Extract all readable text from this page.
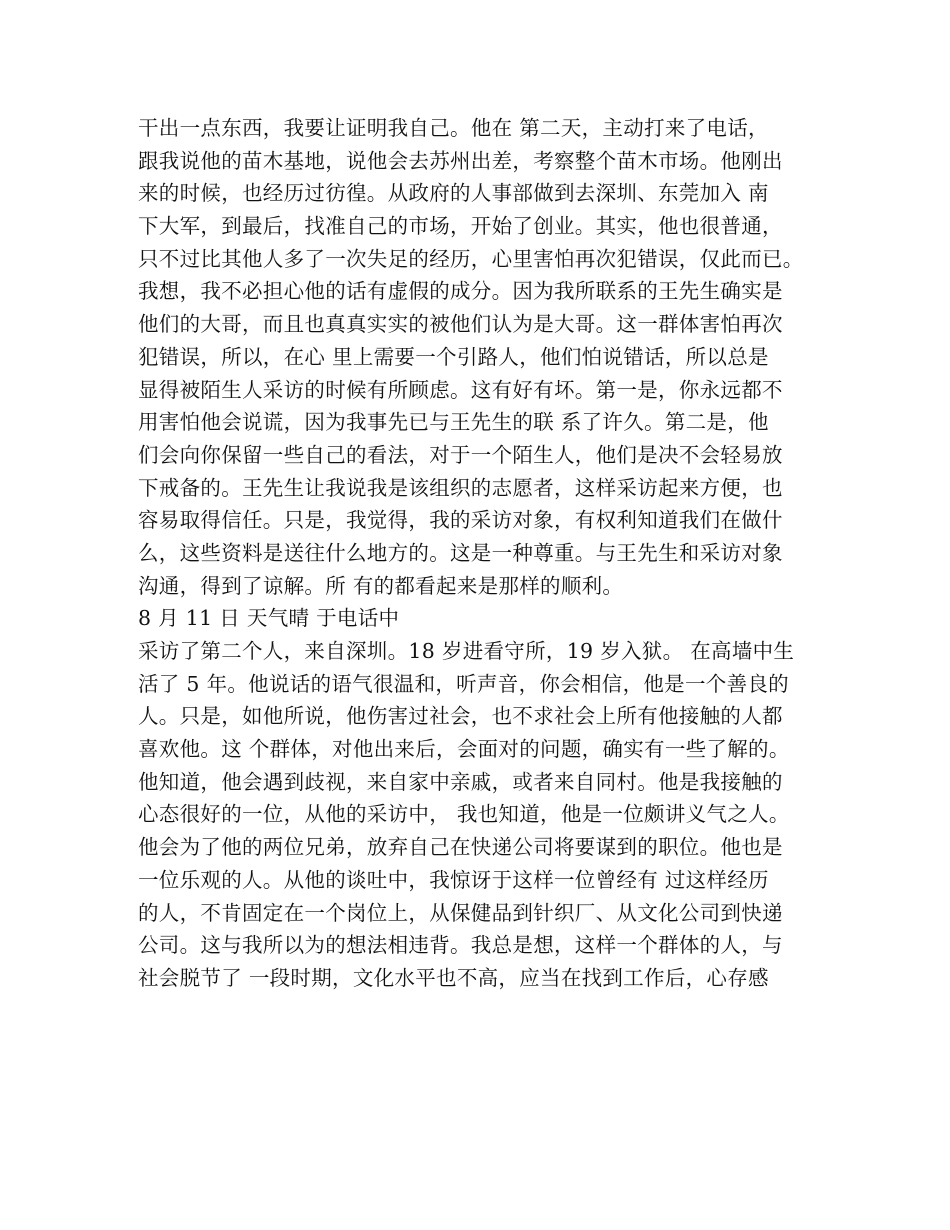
干出一点东西，我要让证明我自己。他在 第二天，主动打来了电话，
跟我说他的苗木基地，说他会去苏州出差，考察整个苗木市场。他刚出
来的时候，也经历过彷徨。从政府的人事部做到去深圳、东莞加入 南
下大军，到最后，找准自己的市场，开始了创业。其实，他也很普通，
只不过比其他人多了一次失足的经历，心里害怕再次犯错误，仅此而已。
我想，我不必担心他的话有虚假的成分。因为我所联系的王先生确实是
他们的大哥，而且也真真实实的被他们认为是大哥。这一群体害怕再次
犯错误，所以，在心 里上需要一个引路人，他们怕说错话，所以总是
显得被陌生人采访的时候有所顾虑。这有好有坏。第一是，你永远都不
用害怕他会说谎，因为我事先已与王先生的联 系了许久。第二是，他
们会向你保留一些自己的看法，对于一个陌生人，他们是决不会轻易放
下戒备的。王先生让我说我是该组织的志愿者，这样采访起来方便，也
容易取得信任。只是，我觉得，我的采访对象，有权利知道我们在做什
么，这些资料是送往什么地方的。这是一种尊重。与王先生和采访对象
沟通，得到了谅解。所 有的都看起来是那样的顺利。
8 月 11 日 天气晴 于电话中
采访了第二个人，来自深圳。18 岁进看守所，19 岁入狱。 在高墙中生
活了 5 年。他说话的语气很温和，听声音，你会相信，他是一个善良的
人。只是，如他所说，他伤害过社会，也不求社会上所有他接触的人都
喜欢他。这 个群体，对他出来后，会面对的问题，确实有一些了解的。
他知道，他会遇到歧视，来自家中亲戚，或者来自同村。他是我接触的
心态很好的一位，从他的采访中， 我也知道，他是一位颇讲义气之人。
他会为了他的两位兄弟，放弃自己在快递公司将要谋到的职位。他也是
一位乐观的人。从他的谈吐中，我惊讶于这样一位曾经有 过这样经历
的人，不肯固定在一个岗位上，从保健品到针织厂、从文化公司到快递
公司。这与我所以为的想法相违背。我总是想，这样一个群体的人，与
社会脱节了 一段时期，文化水平也不高，应当在找到工作后，心存感
